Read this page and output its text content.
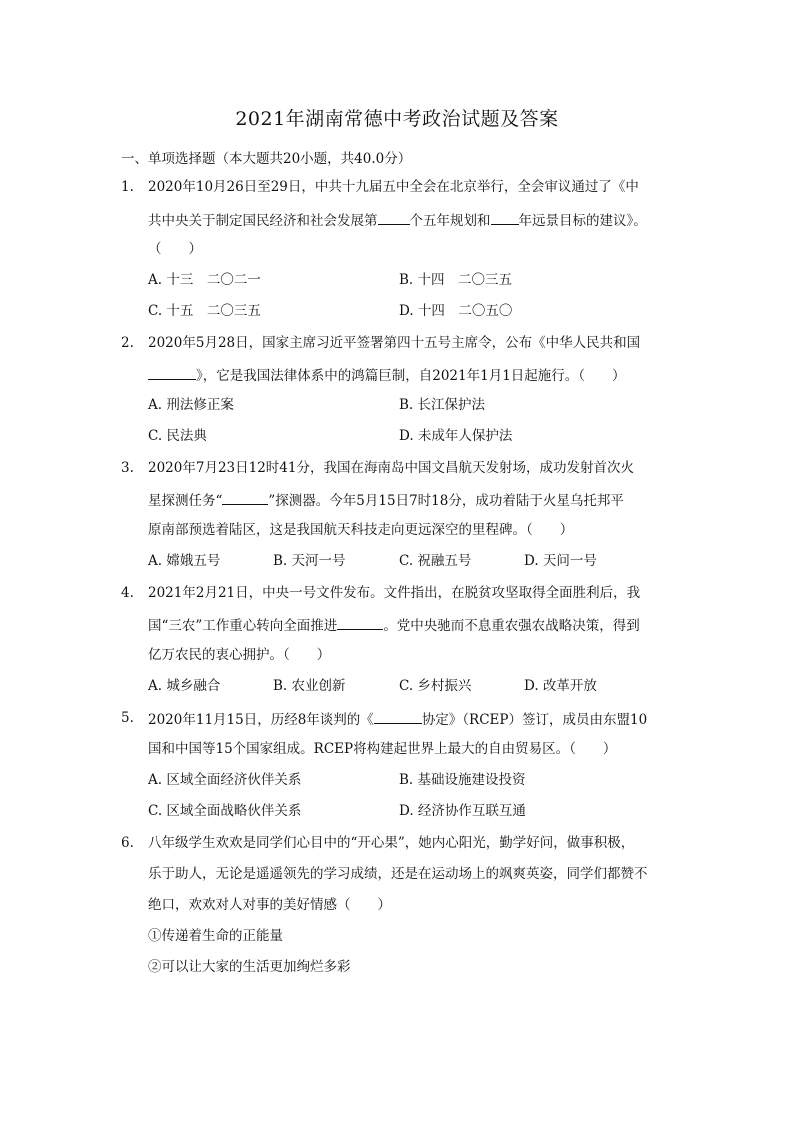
2021年湖南常德中考政治试题及答案
一、单项选择题（本大题共20小题，共40.0分）
1. 2020年10月26日至29日，中共十九届五中全会在北京举行，全会审议通过了《中
共中央关于制定国民经济和社会发展第 个五年规划和 年远景目标的建议》。
（　　）
A. 十三　二〇二一	B. 十四　二〇三五
C. 十五　二〇三五	D. 十四　二〇五〇
2. 2020年5月28日，国家主席习近平签署第四十五号主席令，公布《中华人民共和国
》，它是我国法律体系中的鸿篇巨制，自2021年1月1日起施行。（　　）
A. 刑法修正案	B. 长江保护法
C. 民法典	D. 未成年人保护法
3. 2020年7月23日12时41分，我国在海南岛中国文昌航天发射场，成功发射首次火
星探测任务“	”探测器。今年5月15日7时18分，成功着陆于火星乌托邦平
原南部预选着陆区，这是我国航天科技走向更远深空的里程碑。（　　）
A. 嫦娥五号	B. 天河一号	C. 祝融五号	D. 天问一号
4. 2021年2月21日，中央一号文件发布。文件指出，在脱贫攻坚取得全面胜利后，我
国“三农”工作重心转向全面推进	。党中央驰而不息重农强农战略决策，得到
亿万农民的衷心拥护。（　　）
A. 城乡融合	B. 农业创新	C. 乡村振兴	D. 改革开放
5. 2020年11月15日，历经8年谈判的《	协定》（RCEP）签订，成员由东盟10
国和中国等15个国家组成。RCEP将构建起世界上最大的自由贸易区。（　　）
A. 区域全面经济伙伴关系	B. 基础设施建设投资
C. 区域全面战略伙伴关系	D. 经济协作互联互通
6. 八年级学生欢欢是同学们心目中的“开心果”，她内心阳光，勤学好问，做事积极，
乐于助人，无论是遥遥领先的学习成绩，还是在运动场上的飒爽英姿，同学们都赞不
绝口，欢欢对人对事的美好情感（　　）
①传递着生命的正能量
②可以让大家的生活更加绚烂多彩
